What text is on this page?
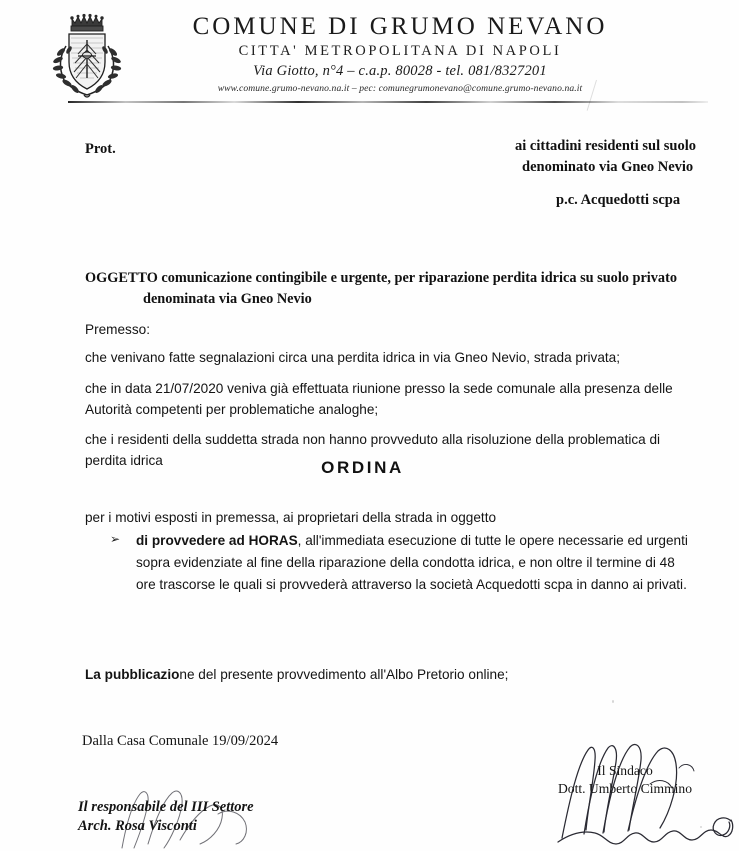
COMUNE DI GRUMO NEVANO
CITTA' METROPOLITANA DI NAPOLI
Via Giotto, n°4 – c.a.p. 80028 - tel. 081/8327201
www.comune.grumo-nevano.na.it – pec: comunegrumonevano@comune.grumo-nevano.na.it
Prot.	ai cittadini residenti sul suolo
denominato via Gneo Nevio
p.c. Acquedotti scpa
OGGETTO comunicazione contingibile e urgente, per riparazione perdita idrica su suolo privato
denominata via Gneo Nevio
Premesso:
che venivano fatte segnalazioni circa una perdita idrica in via Gneo Nevio, strada privata;
che in data 21/07/2020 veniva già effettuata riunione presso la sede comunale alla presenza delle Autorità competenti per problematiche analoghe;
che i residenti della suddetta strada non hanno provveduto alla risoluzione della problematica di perdita idrica	ORDINA
per i motivi esposti in premessa, ai proprietari della strada in oggetto
➢	di provvedere ad HORAS, all'immediata esecuzione di tutte le opere necessarie ed urgenti sopra evidenziate al fine della riparazione della condotta idrica, e non oltre il termine di 48 ore trascorse le quali si provvederà attraverso la società Acquedotti scpa in danno ai privati.
La pubblicazione del presente provvedimento all'Albo Pretorio online;
Dalla Casa Comunale 19/09/2024
Il Sindaco
Dott. Umberto Cimmino
Il responsabile del III Settore
Arch. Rosa Visconti
